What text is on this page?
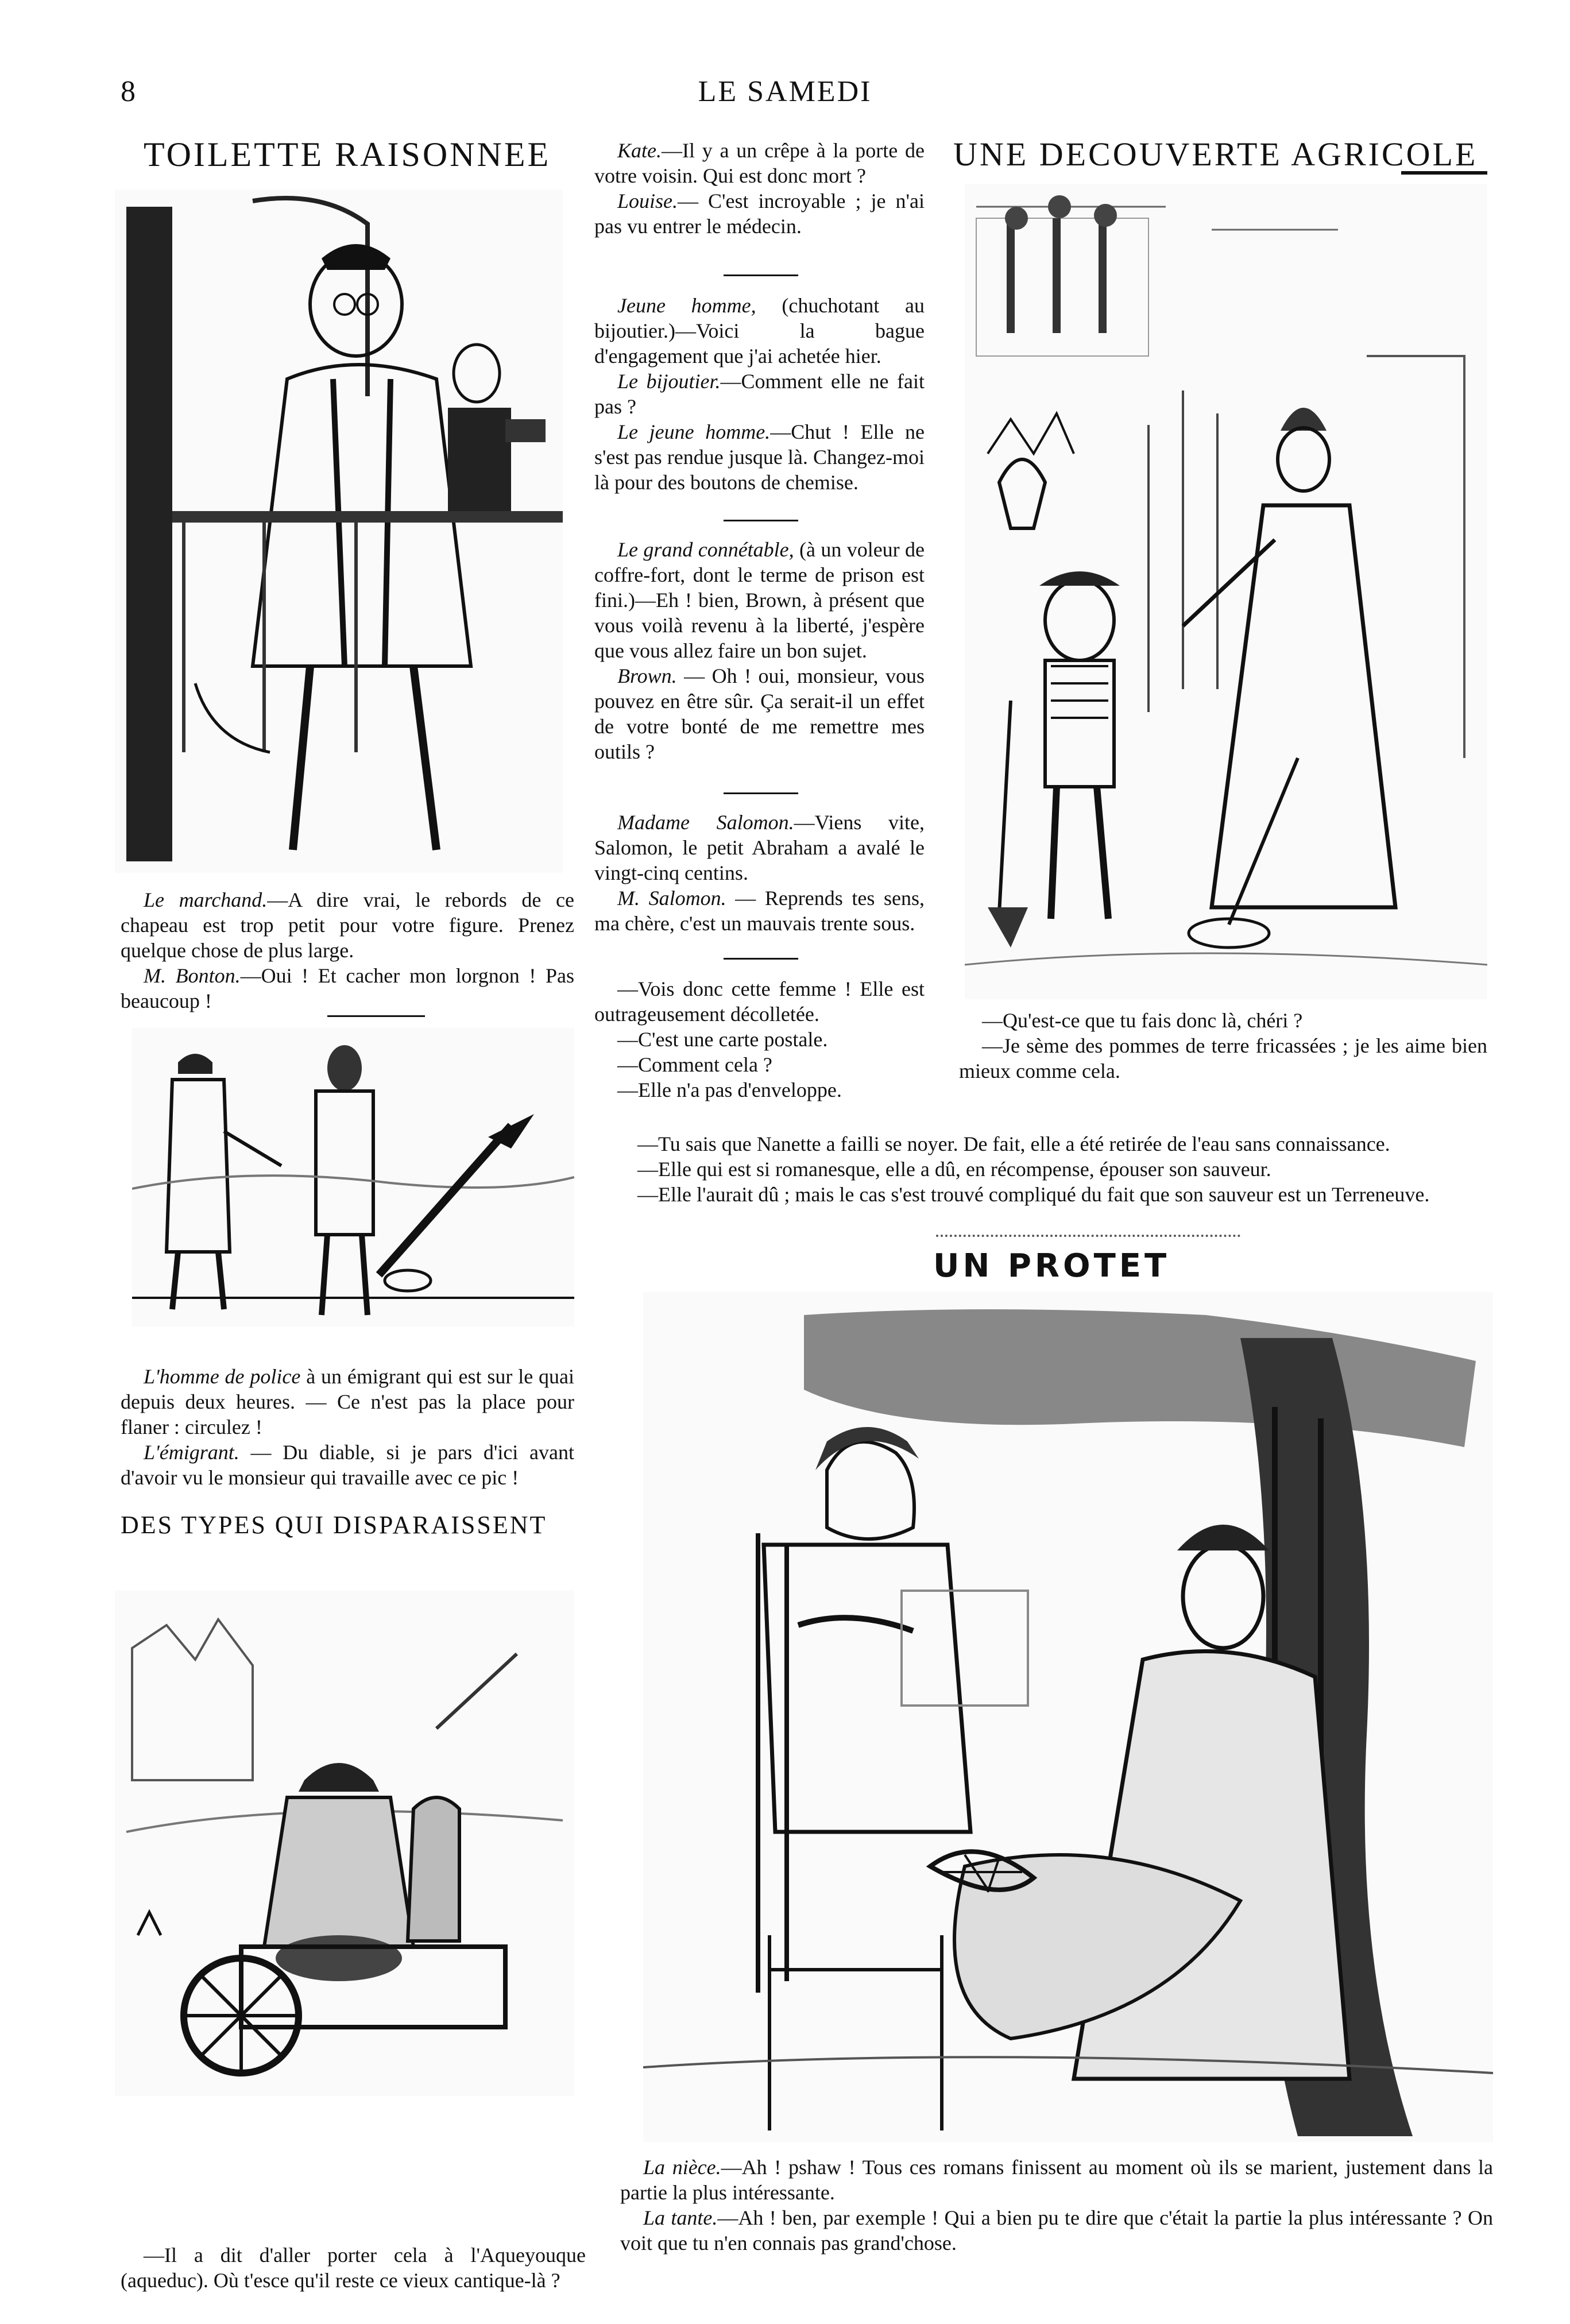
8	LE SAMEDI
TOILETTE RAISONNEE

Le marchand.—A dire vrai, le rebords de ce chapeau est trop petit pour votre figure. Prenez quelque chose de plus large.

M. Bonton.—Oui ! Et cacher mon lorgnon ! Pas beaucoup !

L'homme de police à un émigrant qui est sur le quai depuis deux heures. — Ce n'est pas la place pour flaner : circulez !

L'émigrant. — Du diable, si je pars d'ici avant d'avoir vu le monsieur qui travaille avec ce pic !

DES TYPES QUI DISPARAISSENT

—Il a dit d'aller porter cela à l'Aqueyouque (aqueduc). Où t'esce qu'il reste ce vieux cantique-là ?

Kate.—Il y a un crêpe à la porte de votre voisin. Qui est donc mort ?

Louise.— C'est incroyable ; je n'ai pas vu entrer le médecin.

Jeune homme, (chuchotant au bijoutier.)—Voici la bague d'engagement que j'ai achetée hier.

Le bijoutier.—Comment elle ne fait pas ?

Le jeune homme.—Chut ! Elle ne s'est pas rendue jusque là. Changez-moi là pour des boutons de chemise.

Le grand connétable, (à un voleur de coffre-fort, dont le terme de prison est fini.)—Eh ! bien, Brown, à présent que vous voilà revenu à la liberté, j'espère que vous allez faire un bon sujet.

Brown. — Oh ! oui, monsieur, vous pouvez en être sûr. Ça serait-il un effet de votre bonté de me remettre mes outils ?

Madame Salomon.—Viens vite, Salomon, le petit Abraham a avalé le vingt-cinq centins.

M. Salomon. — Reprends tes sens, ma chère, c'est un mauvais trente sous.

—Vois donc cette femme ! Elle est outrageusement décolletée.

—C'est une carte postale.

—Comment cela ?

—Elle n'a pas d'enveloppe.

UNE DECOUVERTE AGRICOLE

—Qu'est-ce que tu fais donc là, chéri ?

—Je sème des pommes de terre fricassées ; je les aime bien mieux comme cela.

—Tu sais que Nanette a failli se noyer. De fait, elle a été retirée de l'eau sans connaissance.

—Elle qui est si romanesque, elle a dû, en récompense, épouser son sauveur.

—Elle l'aurait dû ; mais le cas s'est trouvé compliqué du fait que son sauveur est un Terreneuve.

UN PROTET

La nièce.—Ah ! pshaw ! Tous ces romans finissent au moment où ils se marient, justement dans la partie la plus intéressante.

La tante.—Ah ! ben, par exemple ! Qui a bien pu te dire que c'était la partie la plus intéressante ? On voit que tu n'en connais pas grand'chose.
